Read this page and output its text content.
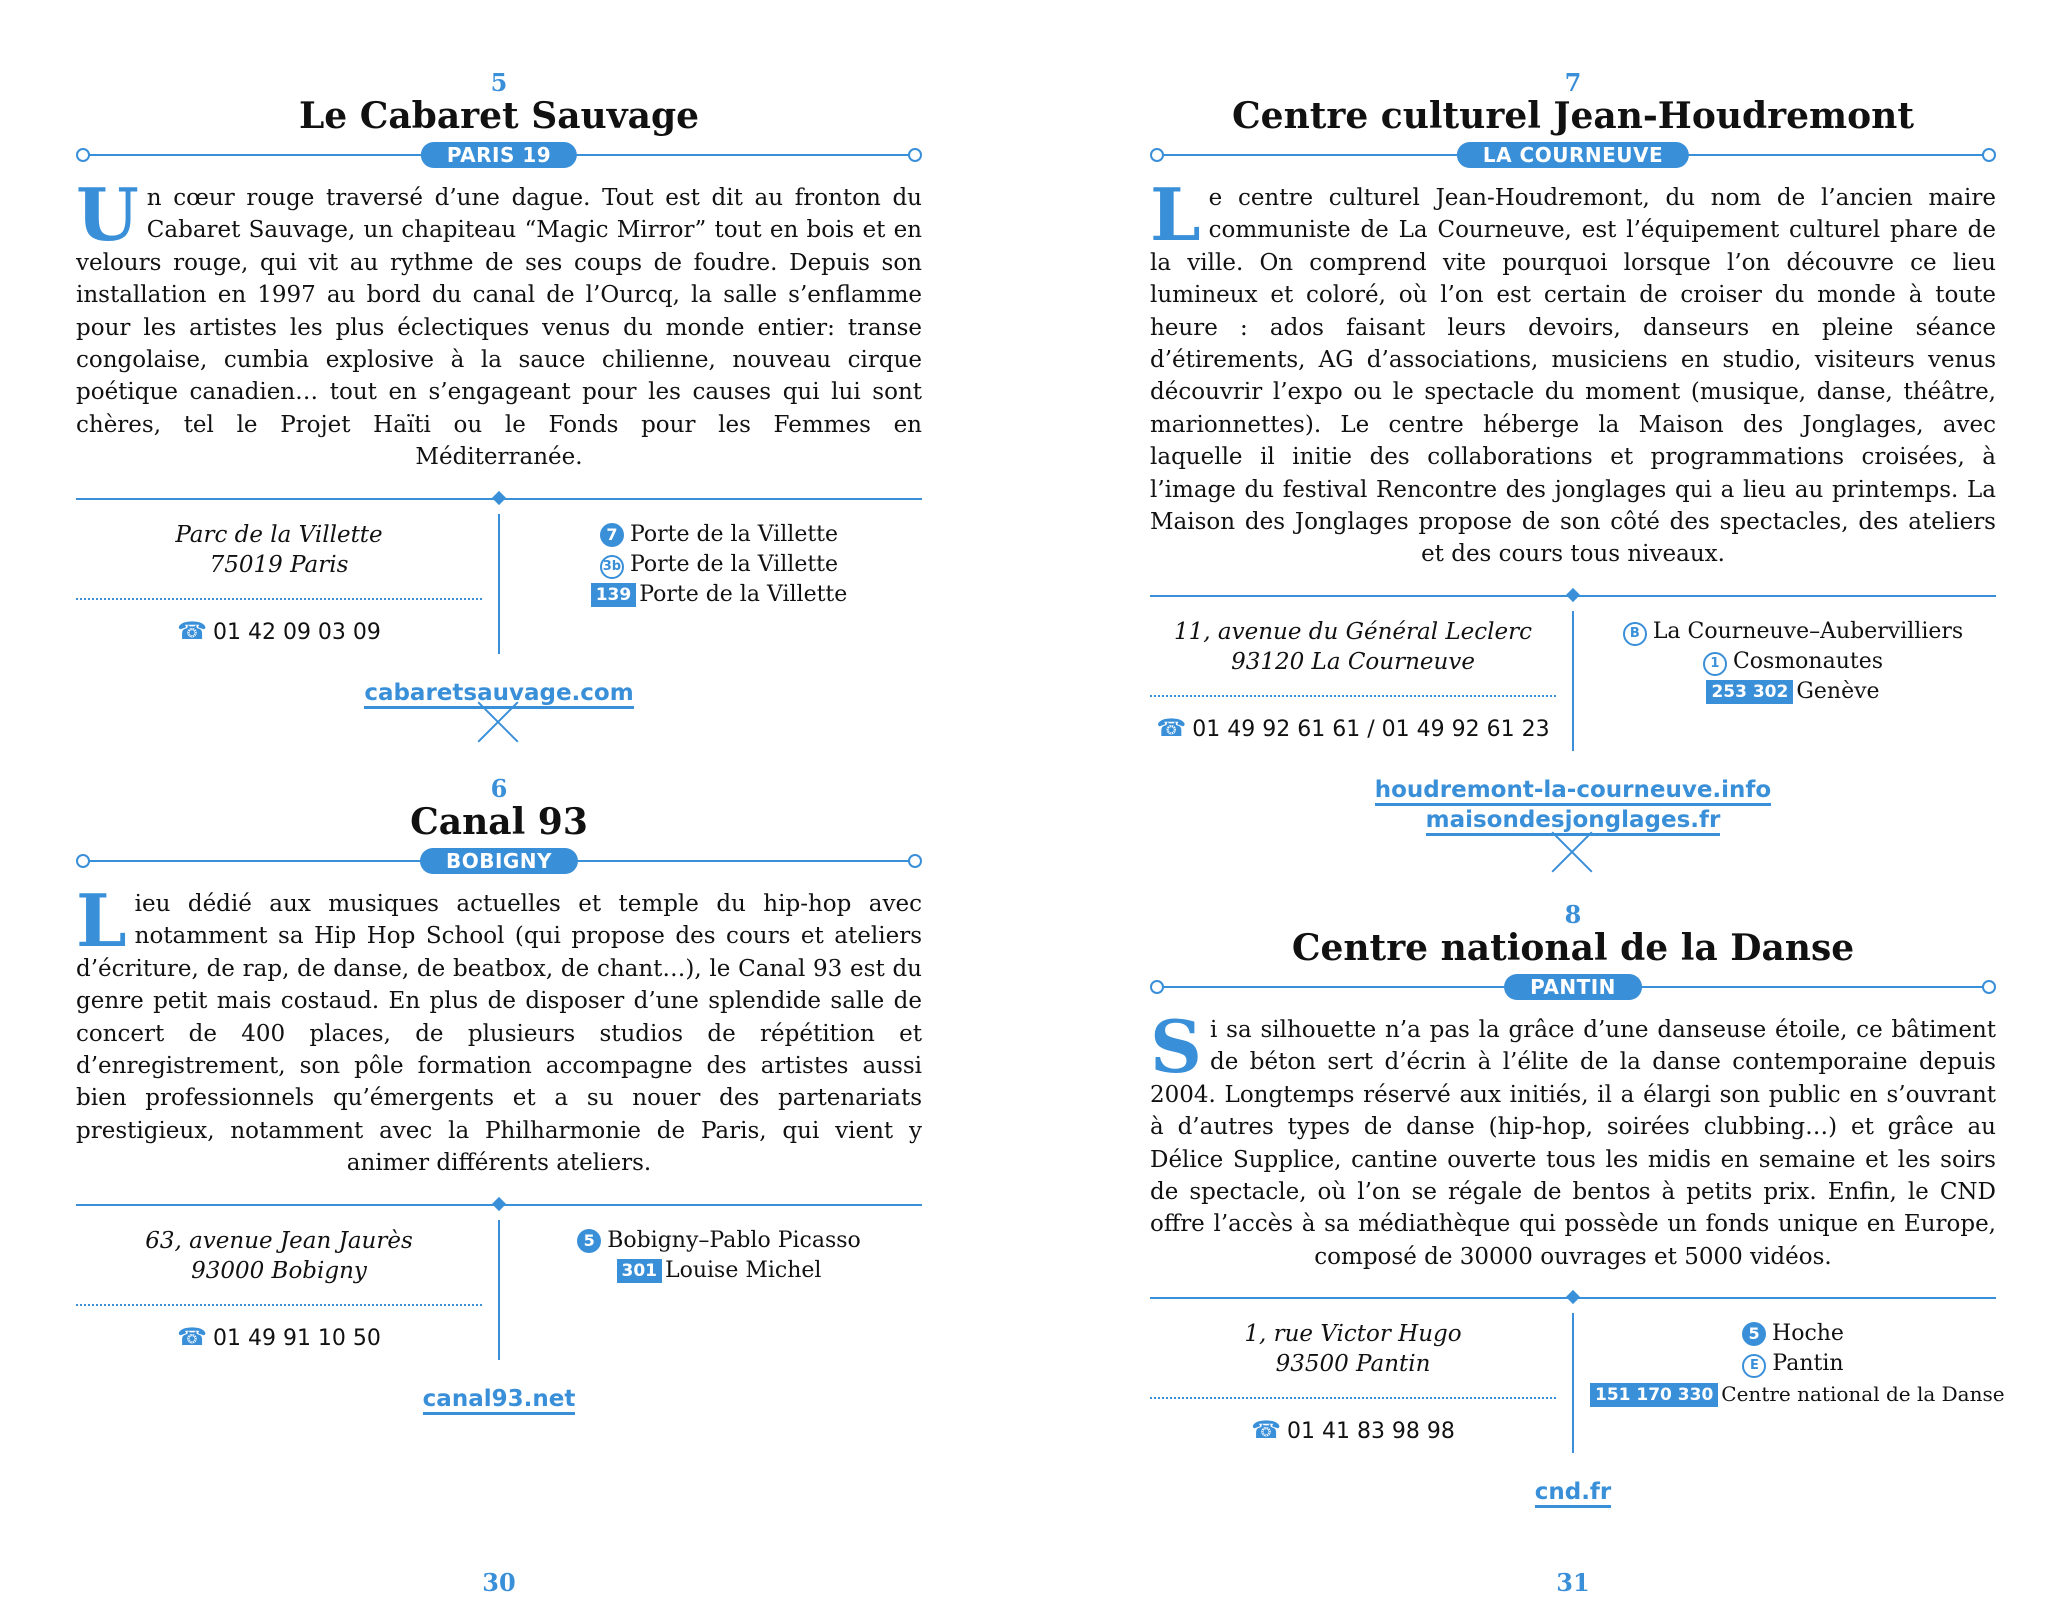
5
Le Cabaret Sauvage
PARIS 19
Un cœur rouge traversé d’une dague. Tout est dit au fronton du Cabaret Sauvage, un chapiteau “Magic Mirror” tout en bois et en velours rouge, qui vit au rythme de ses coups de foudre. Depuis son installation en 1997 au bord du canal de l’Ourcq, la salle s’enflamme pour les artistes les plus éclectiques venus du monde entier: transe congolaise, cumbia explosive à la sauce chilienne, nouveau cirque poétique canadien… tout en s’engageant pour les causes qui lui sont chères, tel le Projet Haïti ou le Fonds pour les Femmes en Méditerranée.
Parc de la Villette
75019 Paris
☎ 01 42 09 03 09
7 Porte de la Villette
3b Porte de la Villette
139 Porte de la Villette
cabaretsauvage.com
6
Canal 93
BOBIGNY
Lieu dédié aux musiques actuelles et temple du hip-hop avec notamment sa Hip Hop School (qui propose des cours et ateliers d’écriture, de rap, de danse, de beatbox, de chant…), le Canal 93 est du genre petit mais costaud. En plus de disposer d’une splendide salle de concert de 400 places, de plusieurs studios de répétition et d’enregistrement, son pôle formation accompagne des artistes aussi bien professionnels qu’émergents et a su nouer des partenariats prestigieux, notamment avec la Philharmonie de Paris, qui vient y animer différents ateliers.
63, avenue Jean Jaurès
93000 Bobigny
☎ 01 49 91 10 50
5 Bobigny–Pablo Picasso
301 Louise Michel
canal93.net
30
7
Centre culturel Jean-Houdremont
LA COURNEUVE
Le centre culturel Jean-Houdremont, du nom de l’ancien maire communiste de La Courneuve, est l’équipement culturel phare de la ville. On comprend vite pourquoi lorsque l’on découvre ce lieu lumineux et coloré, où l’on est certain de croiser du monde à toute heure : ados faisant leurs devoirs, danseurs en pleine séance d’étirements, AG d’associations, musiciens en studio, visiteurs venus découvrir l’expo ou le spectacle du moment (musique, danse, théâtre, marionnettes). Le centre héberge la Maison des Jonglages, avec laquelle il initie des collaborations et programmations croisées, à l’image du festival Rencontre des jonglages qui a lieu au printemps. La Maison des Jonglages propose de son côté des spectacles, des ateliers et des cours tous niveaux.
11, avenue du Général Leclerc
93120 La Courneuve
☎ 01 49 92 61 61 / 01 49 92 61 23
B La Courneuve–Aubervilliers
1 Cosmonautes
253 302 Genève
houdremont-la-courneuve.info
maisondesjonglages.fr
8
Centre national de la Danse
PANTIN
Si sa silhouette n’a pas la grâce d’une danseuse étoile, ce bâtiment de béton sert d’écrin à l’élite de la danse contemporaine depuis 2004. Longtemps réservé aux initiés, il a élargi son public en s’ouvrant à d’autres types de danse (hip-hop, soirées clubbing…) et grâce au Délice Supplice, cantine ouverte tous les midis en semaine et les soirs de spectacle, où l’on se régale de bentos à petits prix. Enfin, le CND offre l’accès à sa médiathèque qui possède un fonds unique en Europe, composé de 30000 ouvrages et 5000 vidéos.
1, rue Victor Hugo
93500 Pantin
☎ 01 41 83 98 98
5 Hoche
E Pantin
151 170 330 Centre national de la Danse
cnd.fr
31
